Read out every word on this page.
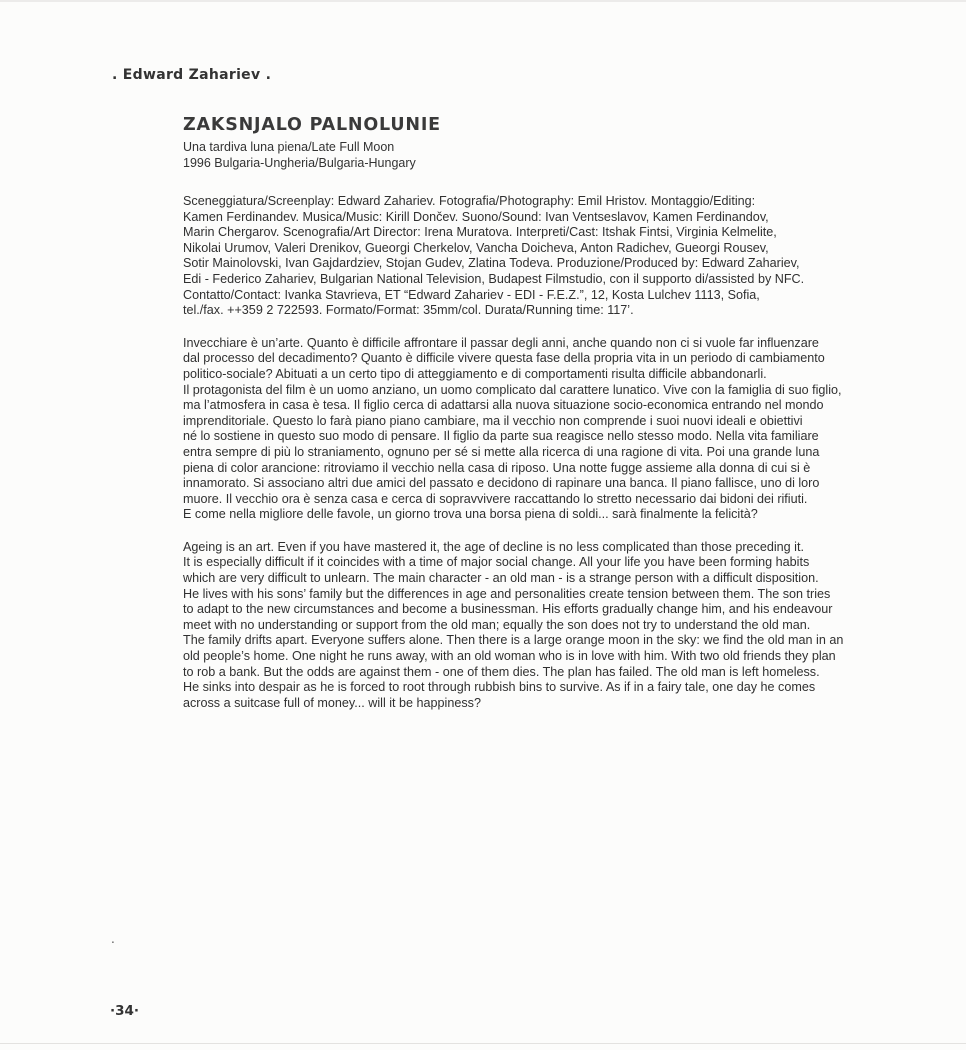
. Edward Zahariev .
ZAKSNJALO PALNOLUNIE
Una tardiva luna piena/Late Full Moon
1996 Bulgaria-Ungheria/Bulgaria-Hungary

Sceneggiatura/Screenplay: Edward Zahariev. Fotografia/Photography: Emil Hristov. Montaggio/Editing:
Kamen Ferdinandev. Musica/Music: Kirill Dončev. Suono/Sound: Ivan Ventseslavov, Kamen Ferdinandov,
Marin Chergarov. Scenografia/Art Director: Irena Muratova. Interpreti/Cast: Itshak Fintsi, Virginia Kelmelite,
Nikolai Urumov, Valeri Drenikov, Gueorgi Cherkelov, Vancha Doicheva, Anton Radichev, Gueorgi Rousev,
Sotir Mainolovski, Ivan Gajdardziev, Stojan Gudev, Zlatina Todeva. Produzione/Produced by: Edward Zahariev,
Edi - Federico Zahariev, Bulgarian National Television, Budapest Filmstudio, con il supporto di/assisted by NFC.
Contatto/Contact: Ivanka Stavrieva, ET “Edward Zahariev - EDI - F.E.Z.”, 12, Kosta Lulchev 1113, Sofia,
tel./fax. ++359 2 722593. Formato/Format: 35mm/col. Durata/Running time: 117’.

Invecchiare è un’arte. Quanto è difficile affrontare il passar degli anni, anche quando non ci si vuole far influenzare
dal processo del decadimento? Quanto è difficile vivere questa fase della propria vita in un periodo di cambiamento
politico-sociale? Abituati a un certo tipo di atteggiamento e di comportamenti risulta difficile abbandonarli.
Il protagonista del film è un uomo anziano, un uomo complicato dal carattere lunatico. Vive con la famiglia di suo figlio,
ma l’atmosfera in casa è tesa. Il figlio cerca di adattarsi alla nuova situazione socio-economica entrando nel mondo
imprenditoriale. Questo lo farà piano piano cambiare, ma il vecchio non comprende i suoi nuovi ideali e obiettivi
né lo sostiene in questo suo modo di pensare. Il figlio da parte sua reagisce nello stesso modo. Nella vita familiare
entra sempre di più lo straniamento, ognuno per sé si mette alla ricerca di una ragione di vita. Poi una grande luna
piena di color arancione: ritroviamo il vecchio nella casa di riposo. Una notte fugge assieme alla donna di cui si è
innamorato. Si associano altri due amici del passato e decidono di rapinare una banca. Il piano fallisce, uno di loro
muore. Il vecchio ora è senza casa e cerca di sopravvivere raccattando lo stretto necessario dai bidoni dei rifiuti.
E come nella migliore delle favole, un giorno trova una borsa piena di soldi... sarà finalmente la felicità?

Ageing is an art. Even if you have mastered it, the age of decline is no less complicated than those preceding it.
It is especially difficult if it coincides with a time of major social change. All your life you have been forming habits
which are very difficult to unlearn. The main character - an old man - is a strange person with a difficult disposition.
He lives with his sons’ family but the differences in age and personalities create tension between them. The son tries
to adapt to the new circumstances and become a businessman. His efforts gradually change him, and his endeavour
meet with no understanding or support from the old man; equally the son does not try to understand the old man.
The family drifts apart. Everyone suffers alone. Then there is a large orange moon in the sky: we find the old man in an
old people’s home. One night he runs away, with an old woman who is in love with him. With two old friends they plan
to rob a bank. But the odds are against them - one of them dies. The plan has failed. The old man is left homeless.
He sinks into despair as he is forced to root through rubbish bins to survive. As if in a fairy tale, one day he comes
across a suitcase full of money... will it be happiness?

.
·34·
